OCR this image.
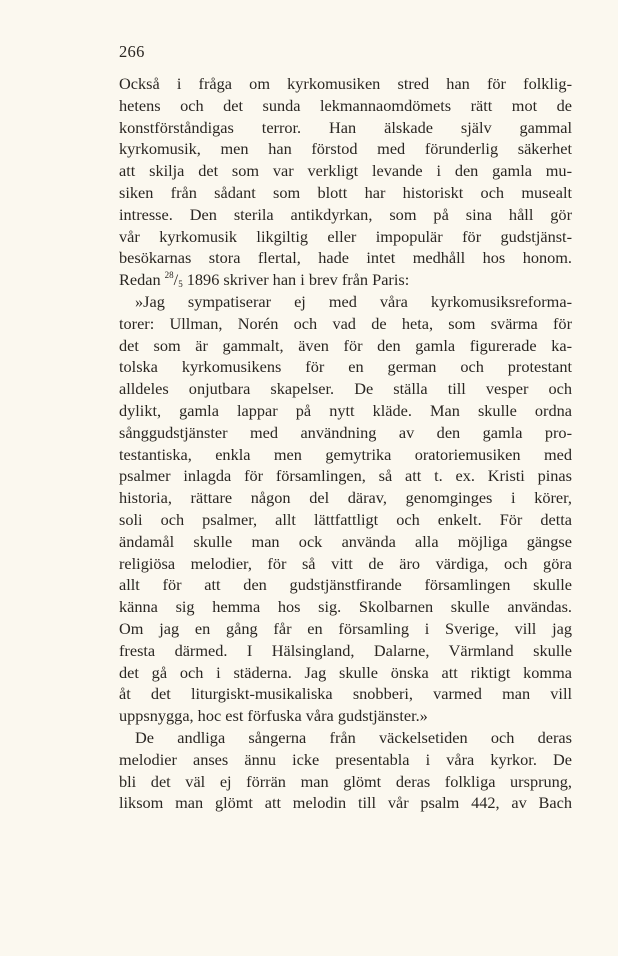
266
Också i fråga om kyrkomusiken stred han för folklig-
hetens och det sunda lekmannaomdömets rätt mot de
konstförståndigas terror. Han älskade själv gammal
kyrkomusik, men han förstod med förunderlig säkerhet
att skilja det som var verkligt levande i den gamla mu-
siken från sådant som blott har historiskt och musealt
intresse. Den sterila antikdyrkan, som på sina håll gör
vår kyrkomusik likgiltig eller impopulär för gudstjänst-
besökarnas stora flertal, hade intet medhåll hos honom.
Redan $^{28}/_5$ 1896 skriver han i brev från Paris:
»Jag sympatiserar ej med våra kyrkomusiksreforma-
torer: Ullman, Norén och vad de heta, som svärma för
det som är gammalt, även för den gamla figurerade ka-
tolska kyrkomusikens för en german och protestant
alldeles onjutbara skapelser. De ställa till vesper och
dylikt, gamla lappar på nytt kläde. Man skulle ordna
sånggudstjänster med användning av den gamla pro-
testantiska, enkla men gemytrika oratoriemusiken med
psalmer inlagda för församlingen, så att t. ex. Kristi pinas
historia, rättare någon del därav, genomginges i körer,
soli och psalmer, allt lättfattligt och enkelt. För detta
ändamål skulle man ock använda alla möjliga gängse
religiösa melodier, för så vitt de äro värdiga, och göra
allt för att den gudstjänstfirande församlingen skulle
känna sig hemma hos sig. Skolbarnen skulle användas.
Om jag en gång får en församling i Sverige, vill jag
fresta därmed. I Hälsingland, Dalarne, Värmland skulle
det gå och i städerna. Jag skulle önska att riktigt komma
åt det liturgiskt-musikaliska snobberi, varmed man vill
uppsnygga, hoc est förfuska våra gudstjänster.»
De andliga sångerna från väckelsetiden och deras
melodier anses ännu icke presentabla i våra kyrkor. De
bli det väl ej förrän man glömt deras folkliga ursprung,
liksom man glömt att melodin till vår psalm 442, av Bach
